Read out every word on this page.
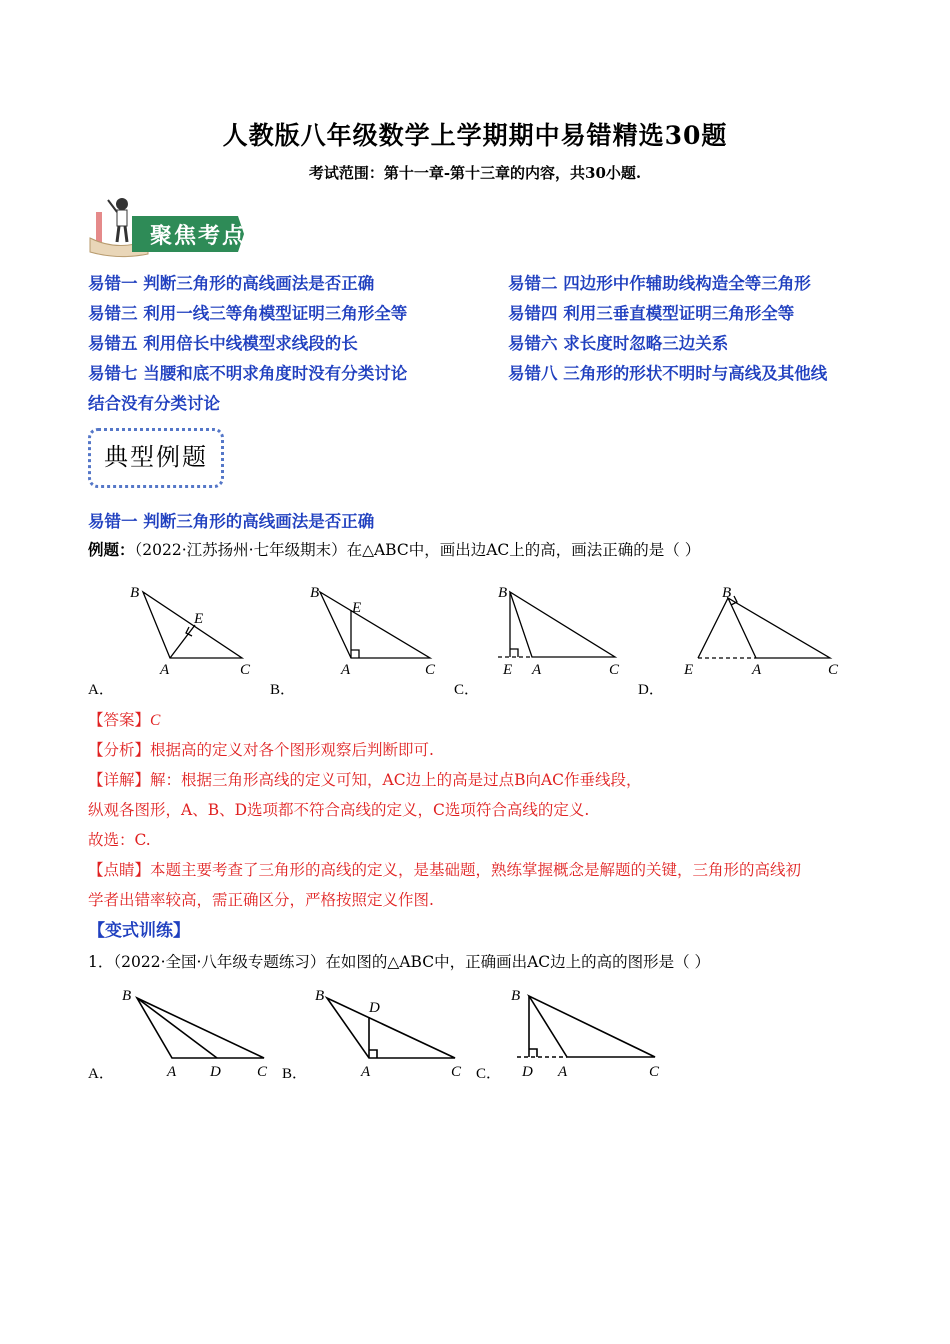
人教版八年级数学上学期期中易错精选30题
考试范围：第十一章-第十三章的内容，共30小题.
聚焦考点
易错一 判断三角形的高线画法是否正确	易错二 四边形中作辅助线构造全等三角形
易错三 利用一线三等角模型证明三角形全等	易错四 利用三垂直模型证明三角形全等
易错五 利用倍长中线模型求线段的长	易错六 求长度时忽略三边关系
易错七 当腰和底不明求角度时没有分类讨论	易错八 三角形的形状不明时与高线及其他线
结合没有分类讨论
典型例题
易错一 判断三角形的高线画法是否正确
例题：（2022·江苏扬州·七年级期末）在△ABC中，画出边AC上的高，画法正确的是（ ）
B
A	C
E
B
A	C
E
B
E A	C
B
E	A	C
A．	B．	C．	D．
【答案】C
【分析】根据高的定义对各个图形观察后判断即可.
【详解】解：根据三角形高线的定义可知，AC边上的高是过点B向AC作垂线段，
纵观各图形，A、B、D选项都不符合高线的定义，C选项符合高线的定义.
故选：C.
【点睛】本题主要考查了三角形的高线的定义，是基础题，熟练掌握概念是解题的关键，三角形的高线初
学者出错率较高，需正确区分，严格按照定义作图.
【变式训练】
1．（2022·全国·八年级专题练习）在如图的△ABC中，正确画出AC边上的高的图形是（ ）
B
A D C
B
D
A	C
B
D A	C
A．	B．	C．
